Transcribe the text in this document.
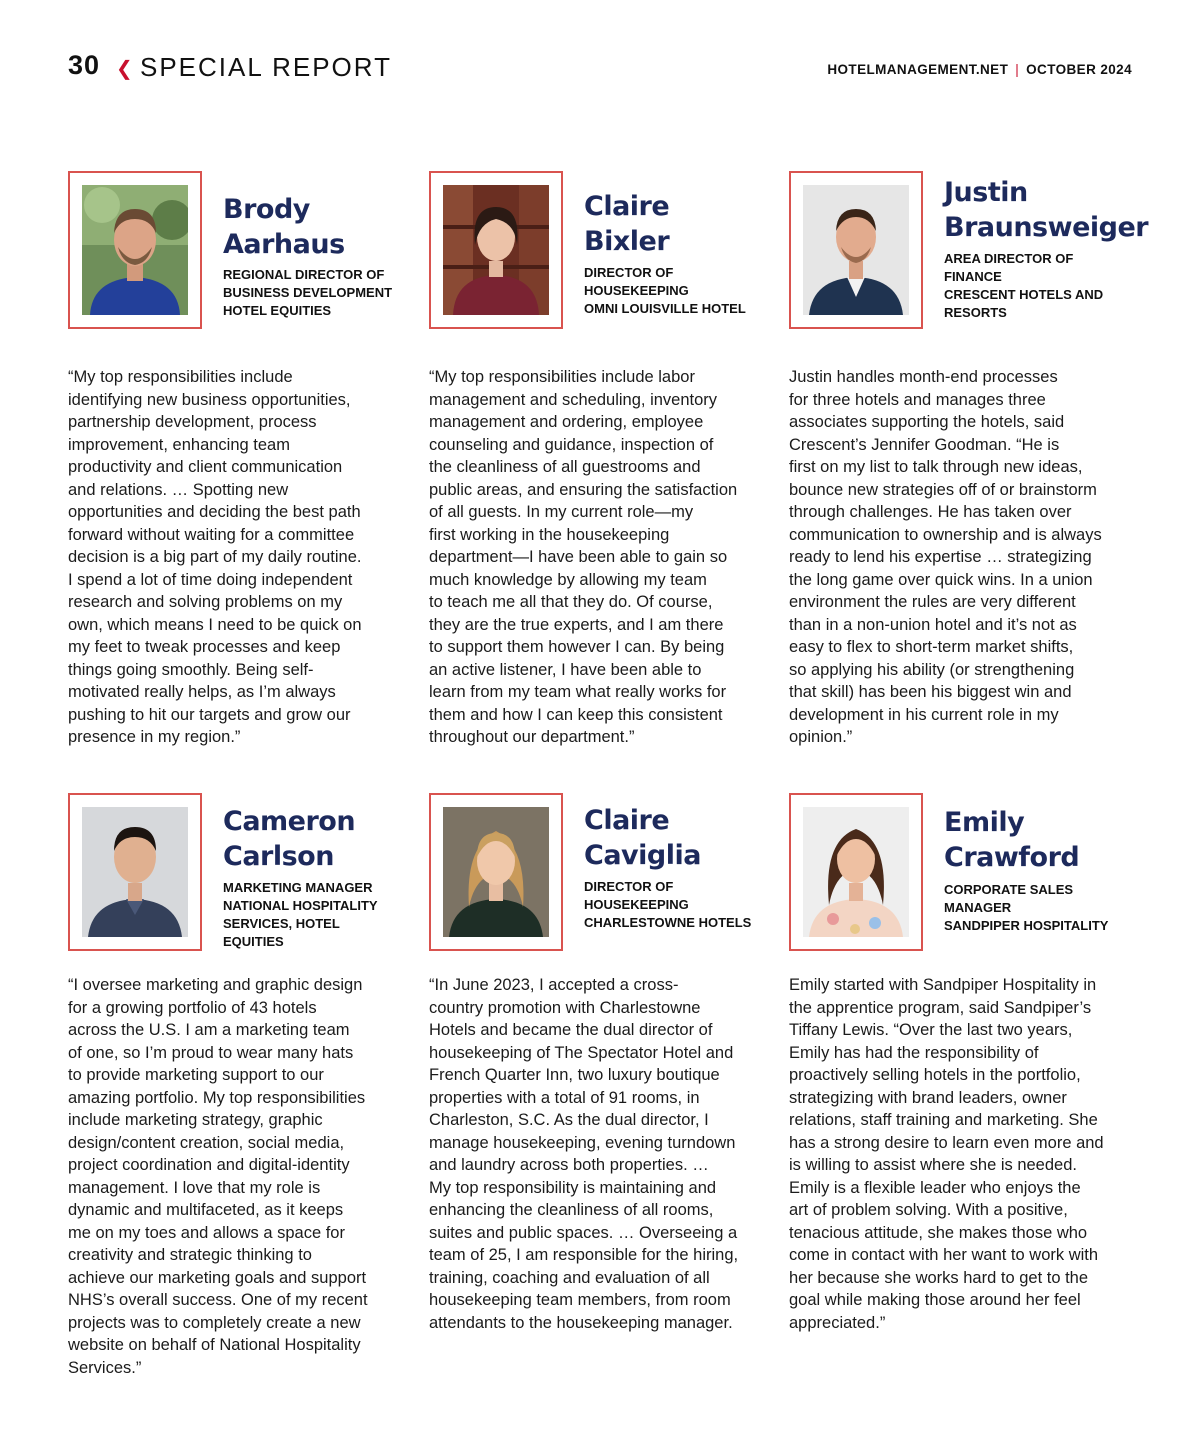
30 ❮ SPECIAL REPORT	HOTELMANAGEMENT.NET | OCTOBER 2024
Brody
Aarhaus
REGIONAL DIRECTOR OF
BUSINESS DEVELOPMENT
HOTEL EQUITIES
“My top responsibilities include
identifying new business opportunities,
partnership development, process
improvement, enhancing team
productivity and client communication
and relations. … Spotting new
opportunities and deciding the best path
forward without waiting for a committee
decision is a big part of my daily routine.
I spend a lot of time doing independent
research and solving problems on my
own, which means I need to be quick on
my feet to tweak processes and keep
things going smoothly. Being self-
motivated really helps, as I’m always
pushing to hit our targets and grow our
presence in my region.”
Claire
Bixler
DIRECTOR OF
HOUSEKEEPING
OMNI LOUISVILLE HOTEL
“My top responsibilities include labor
management and scheduling, inventory
management and ordering, employee
counseling and guidance, inspection of
the cleanliness of all guestrooms and
public areas, and ensuring the satisfaction
of all guests. In my current role—my
first working in the housekeeping
department—I have been able to gain so
much knowledge by allowing my team
to teach me all that they do. Of course,
they are the true experts, and I am there
to support them however I can. By being
an active listener, I have been able to
learn from my team what really works for
them and how I can keep this consistent
throughout our department.”
Justin
Braunsweiger
AREA DIRECTOR OF
FINANCE
CRESCENT HOTELS AND
RESORTS
Justin handles month-end processes
for three hotels and manages three
associates supporting the hotels, said
Crescent’s Jennifer Goodman. “He is
first on my list to talk through new ideas,
bounce new strategies off of or brainstorm
through challenges. He has taken over
communication to ownership and is always
ready to lend his expertise … strategizing
the long game over quick wins. In a union
environment the rules are very different
than in a non-union hotel and it’s not as
easy to flex to short-term market shifts,
so applying his ability (or strengthening
that skill) has been his biggest win and
development in his current role in my
opinion.”
Cameron
Carlson
MARKETING MANAGER
NATIONAL HOSPITALITY
SERVICES, HOTEL
EQUITIES
“I oversee marketing and graphic design
for a growing portfolio of 43 hotels
across the U.S. I am a marketing team
of one, so I’m proud to wear many hats
to provide marketing support to our
amazing portfolio. My top responsibilities
include marketing strategy, graphic
design/content creation, social media,
project coordination and digital-identity
management. I love that my role is
dynamic and multifaceted, as it keeps
me on my toes and allows a space for
creativity and strategic thinking to
achieve our marketing goals and support
NHS’s overall success. One of my recent
projects was to completely create a new
website on behalf of National Hospitality
Services.”
Claire
Caviglia
DIRECTOR OF
HOUSEKEEPING
CHARLESTOWNE HOTELS
“In June 2023, I accepted a cross-
country promotion with Charlestowne
Hotels and became the dual director of
housekeeping of The Spectator Hotel and
French Quarter Inn, two luxury boutique
properties with a total of 91 rooms, in
Charleston, S.C. As the dual director, I
manage housekeeping, evening turndown
and laundry across both properties. …
My top responsibility is maintaining and
enhancing the cleanliness of all rooms,
suites and public spaces. … Overseeing a
team of 25, I am responsible for the hiring,
training, coaching and evaluation of all
housekeeping team members, from room
attendants to the housekeeping manager.
Emily
Crawford
CORPORATE SALES
MANAGER
SANDPIPER HOSPITALITY
Emily started with Sandpiper Hospitality in
the apprentice program, said Sandpiper’s
Tiffany Lewis. “Over the last two years,
Emily has had the responsibility of
proactively selling hotels in the portfolio,
strategizing with brand leaders, owner
relations, staff training and marketing. She
has a strong desire to learn even more and
is willing to assist where she is needed.
Emily is a flexible leader who enjoys the
art of problem solving. With a positive,
tenacious attitude, she makes those who
come in contact with her want to work with
her because she works hard to get to the
goal while making those around her feel
appreciated.”
